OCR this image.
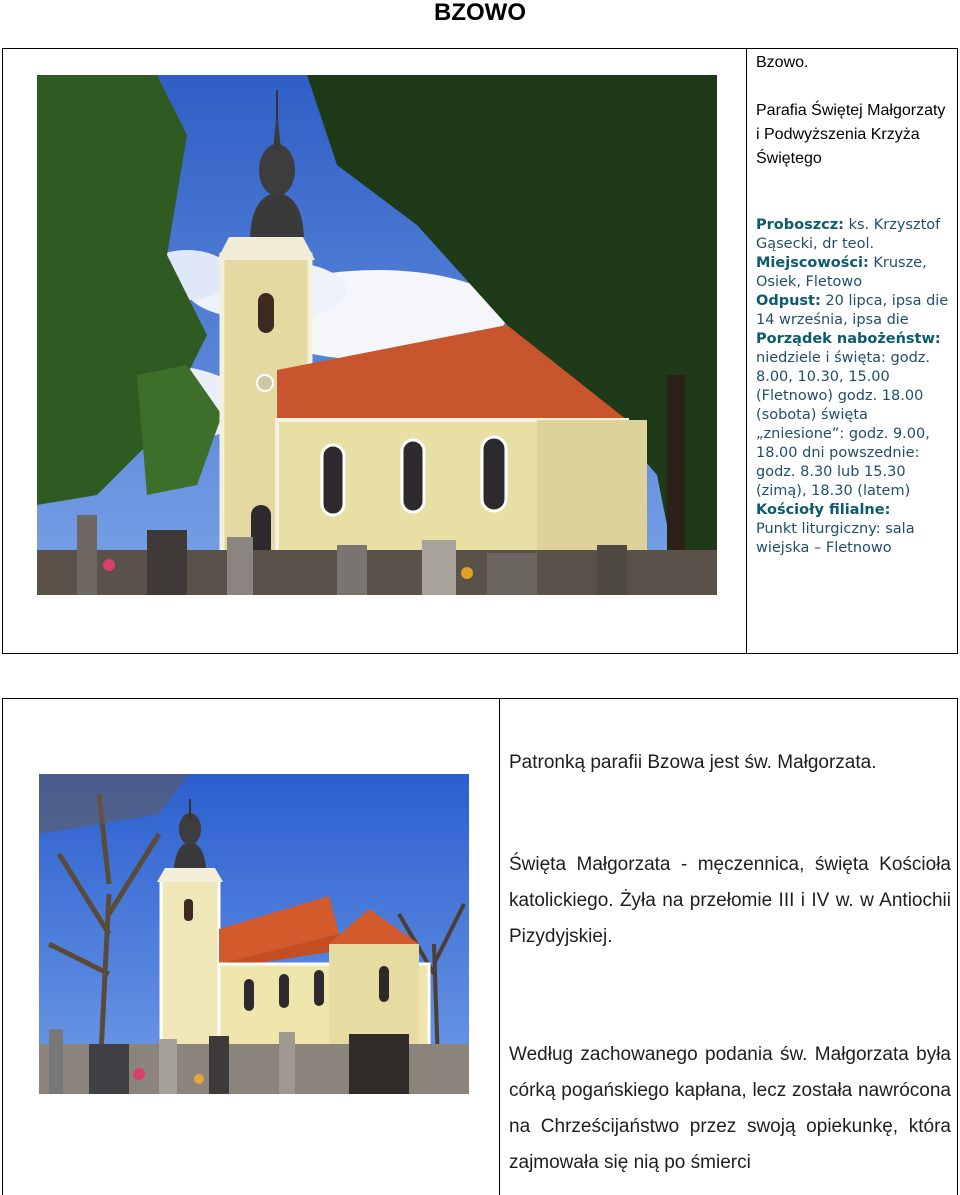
BZOWO
Bzowo.
Parafia Świętej Małgorzaty i Podwyższenia Krzyża Świętego

Proboszcz: ks. Krzysztof Gąsecki, dr teol.

Miejscowości: Krusze, Osiek, Fletowo

Odpust: 20 lipca, ipsa die 14 września, ipsa die

Porządek nabożeństw: niedziele i święta: godz. 8.00, 10.30, 15.00 (Fletnowo) godz. 18.00 (sobota) święta „zniesione”: godz. 9.00, 18.00 dni powszednie: godz. 8.30 lub 15.30 (zimą), 18.30 (latem)

Kościoły filialne:

Punkt liturgiczny: sala wiejska – Fletnowo

Patronką parafii Bzowa jest św. Małgorzata.
Święta Małgorzata - męczennica, święta Kościoła katolickiego. Żyła na przełomie III i IV w. w Antiochii Pizydyjskiej.
Według zachowanego podania św. Małgorzata była córką pogańskiego kapłana, lecz została nawrócona na Chrześcijaństwo przez swoją opiekunkę, która zajmowała się nią po śmierci
